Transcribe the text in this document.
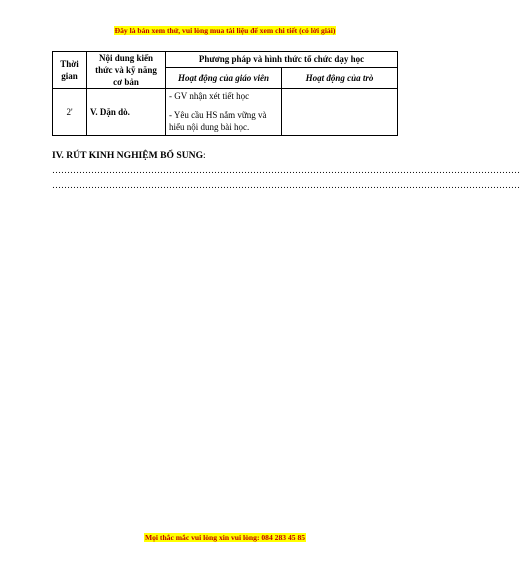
Đây là bản xem thử, vui lòng mua tài liệu để xem chi tiết (có lời giải)
Thời gian	Nội dung kiến thức và kỹ năng cơ bản	Phương pháp và hình thức tổ chức dạy học	
		Hoạt động của giáo viên	Hoạt động của trò
2'	V. Dặn dò.	- GV nhận xét tiết học

- Yêu cầu HS nắm vững và hiểu nội dung bài học.	

IV. RÚT KINH NGHIỆM BỔ SUNG:
…………………………………………………………………………………………………………………………………………
…………………………………………………………………………………………………………………………………………
Mọi thắc mắc vui lòng xin vui lòng: 084 283 45 85
